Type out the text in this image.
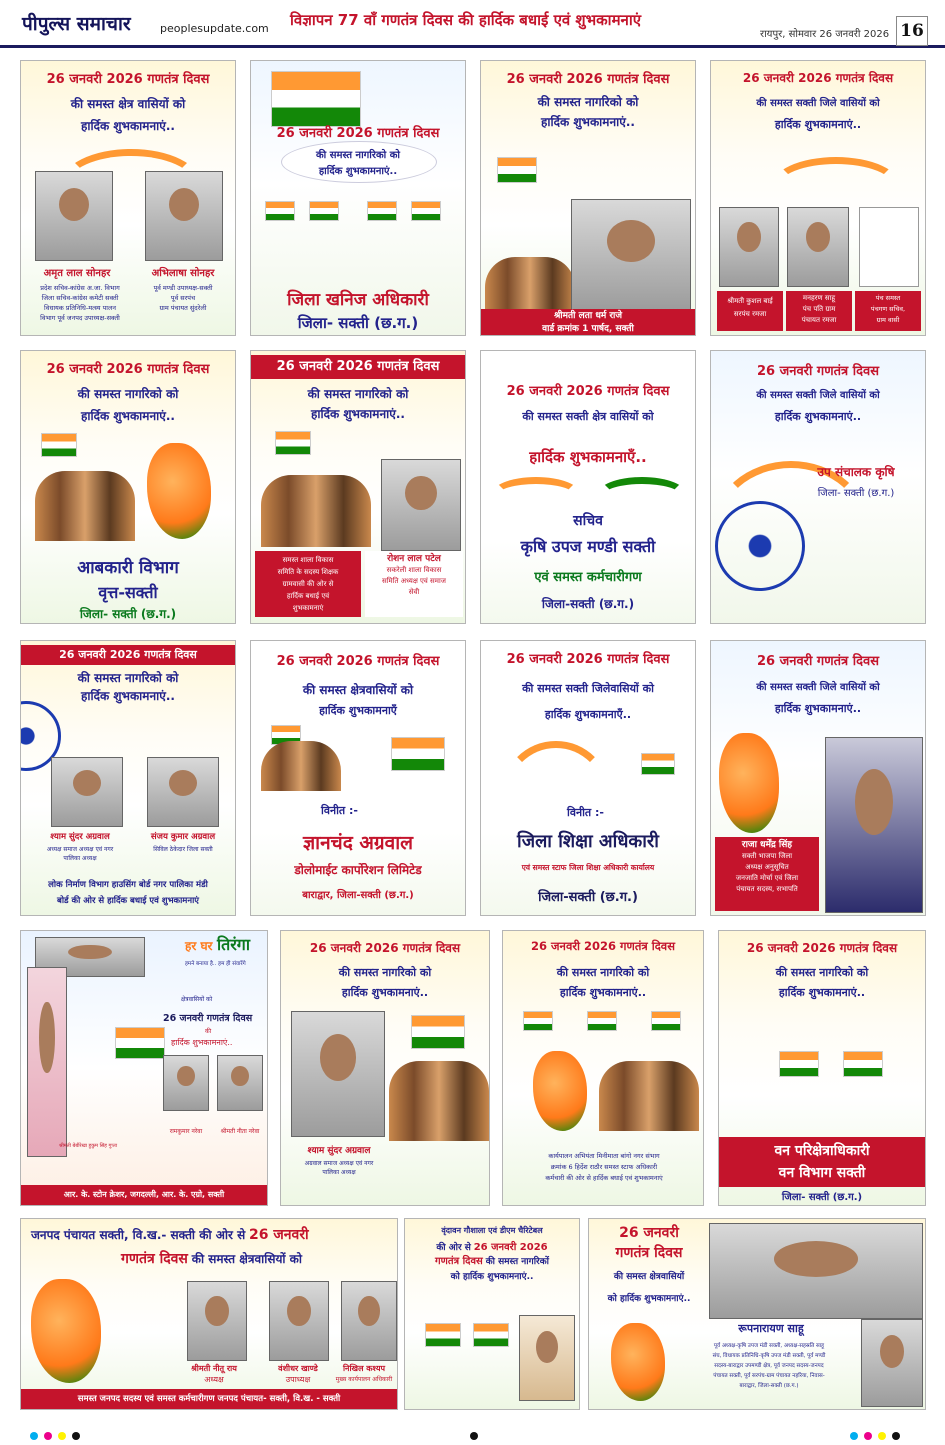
पीपुल्स समाचार	peoplesupdate.com विज्ञापन 77 वाँ गणतंत्र दिवस की हार्दिक बधाई एवं शुभकामनाएं
रायपुर, सोमवार 26 जनवरी 2026 16
26 जनवरी 2026 गणतंत्र दिवस
की समस्त क्षेत्र वासियों को
हार्दिक शुभकामनाएं..
अमृत लाल सोनहर	अभिलाषा सोनहर
प्रदेश सचिव-कांग्रेस अ.जा. विभाग
जिला सचिव-कांग्रेस कमेटी सक्ती
विधायक प्रतिनिधि-मत्स्य पालन
विभाग पूर्व जनपद उपाध्यक्ष-सक्ती
पूर्व मण्डी उपाध्यक्ष-सक्ती
पूर्व सरपंच
ग्राम पंचायत सुंदरेली
26 जनवरी 2026 गणतंत्र दिवस
की समस्त नागरिको को
हार्दिक शुभकामनाएं..
जिला खनिज अधिकारी
जिला- सक्ती (छ.ग.)
26 जनवरी 2026 गणतंत्र दिवस
की समस्त नागरिको को
हार्दिक शुभकामनाएं..
श्रीमती लता धर्म राजे
वार्ड क्रमांक 1 पार्षद, सक्ती
26 जनवरी 2026 गणतंत्र दिवस
की समस्त सक्ती जिले वासियों को
हार्दिक शुभकामनाएं..
श्रीमती कुशल बाई
सरपंच रमजा
मनहरण साहू
पंच पति ग्राम
पंचायत रमजा
पंच समस्त
पंचगण सचिव,
ग्राम वासी
26 जनवरी 2026 गणतंत्र दिवस
की समस्त नागरिको को
हार्दिक शुभकामनाएं..
आबकारी विभाग
वृत्त-सक्ती
जिला- सक्ती (छ.ग.)
26 जनवरी 2026 गणतंत्र दिवस
की समस्त नागरिको को
हार्दिक शुभकामनाएं..
समस्त शाला विकास
समिति के सदस्य शिक्षक
ग्रामवासी की ओर से
हार्दिक बधाई एवं
शुभकामनाएं
रोशन लाल पटेल
सकरेली शाला विकास
समिति अध्यक्ष एवं समाज
सेवी
26 जनवरी 2026 गणतंत्र दिवस
की समस्त सक्ती क्षेत्र वासियों को
हार्दिक शुभकामनाएँ..
सचिव
कृषि उपज मण्डी सक्ती
एवं समस्त कर्मचारीगण
जिला-सक्ती (छ.ग.)
26 जनवरी गणतंत्र दिवस
की समस्त सक्ती जिले वासियों को
हार्दिक शुभकामनाएं..
उप संचालक कृषि
जिला- सक्ती (छ.ग.)
26 जनवरी 2026 गणतंत्र दिवस
की समस्त नागरिको को
हार्दिक शुभकामनाएं..
श्याम सुंदर अग्रवाल	संजय कुमार अग्रवाल
अध्यक्ष समाज अध्यक्ष एवं नगर
पालिका अध्यक्ष
सिविल ठेकेदार जिला सक्ती
लोक निर्माण विभाग हाउसिंग बोर्ड नगर पालिका मंडी
बोर्ड की ओर से हार्दिक बधाई एवं शुभकामनाएं
26 जनवरी 2026 गणतंत्र दिवस
की समस्त क्षेत्रवासियों को
हार्दिक शुभकामनाएँ
विनीत :-
ज्ञानचंद अग्रवाल
डोलोमाईट कार्पोरेशन लिमिटेड
बाराद्वार, जिला-सक्ती (छ.ग.)
26 जनवरी 2026 गणतंत्र दिवस
की समस्त सक्ती जिलेवासियों को
हार्दिक शुभकामनाएँ..
विनीत :-
जिला शिक्षा अधिकारी
एवं समस्त स्टाफ जिला शिक्षा अधिकारी कार्यालय
जिला-सक्ती (छ.ग.)
26 जनवरी गणतंत्र दिवस
की समस्त सक्ती जिले वासियों को
हार्दिक शुभकामनाएं..
राजा धर्मेंद्र सिंह
सक्ती भाजपा जिला
अध्यक्ष अनुसूचित
जनजाति मोर्चा एवं जिला
पंचायत सदस्य, सभापति
हर घर तिरंगा
हमने बनाया है.. हम ही संवारेंगे
क्षेत्रवासियों को
26 जनवरी गणतंत्र दिवस
की
हार्दिक शुभकामनाएं..
श्रीमती बेबीरेखा हुकुम सिंह गुप्ता
रामकुमार नरेवा	श्रीमती नीता नरेवा
आर. के. स्टोन क्रेशर, जगदल्ली, आर. के. एग्रो, सक्ती
26 जनवरी 2026 गणतंत्र दिवस
की समस्त नागरिको को
हार्दिक शुभकामनाएं..
श्याम सुंदर अग्रवाल
अग्रवाल समाज अध्यक्ष एवं नगर
पालिका अध्यक्ष
26 जनवरी 2026 गणतंत्र दिवस
की समस्त नागरिको को
हार्दिक शुभकामनाएं..
कार्यपालन अभियंता मिनीमाता बांगो नगर संभाग
क्रमांक 6 हिर्देश राठौर समस्त स्टाफ अधिकारी
कर्मचारी की ओर से हार्दिक बधाई एवं शुभकामनाएं
26 जनवरी 2026 गणतंत्र दिवस
की समस्त नागरिको को
हार्दिक शुभकामनाएं..
वन परिक्षेत्राधिकारी
वन विभाग सक्ती
जिला- सक्ती (छ.ग.)
जनपद पंचायत सक्ती, वि.ख.- सक्ती की ओर से 26 जनवरी
गणतंत्र दिवस की समस्त क्षेत्रवासियों को
श्रीमती नीतू राय
अध्यक्ष
वंशीधर खाण्डे
उपाध्यक्ष
निखिल कश्यप
मुख्य कार्यपालन अधिकारी
समस्त जनपद सदस्य एवं समस्त कर्मचारीगण जनपद पंचायत- सक्ती, वि.ख. - सक्ती
वृंदावन गौशाला एवं डीएम चैरिटेबल
की ओर से 26 जनवरी 2026
गणतंत्र दिवस की समस्त नागरिकों
को हार्दिक शुभकामनाएं..
26 जनवरी
गणतंत्र दिवस
की समस्त क्षेत्रवासियों
को हार्दिक शुभकामनाएं..
रूपनारायण साहू
पूर्व अध्यक्ष-कृषि उपज मंडी सक्ती, अध्यक्ष-सहस्रति साहू
संघ, विधायक प्रतिनिधि-कृषि उपज मंडी सक्ती, पूर्व मण्डी
सदस्य-बाराद्वार उपमण्डी क्षेत्र, पूर्व जनपद सदस्य-जनपद
पंचायत सक्ती, पूर्व सरपंच-ग्राम पंचायत नहरिया, निवास-
बाराद्वार, जिला-सक्ती (छ.ग.)
